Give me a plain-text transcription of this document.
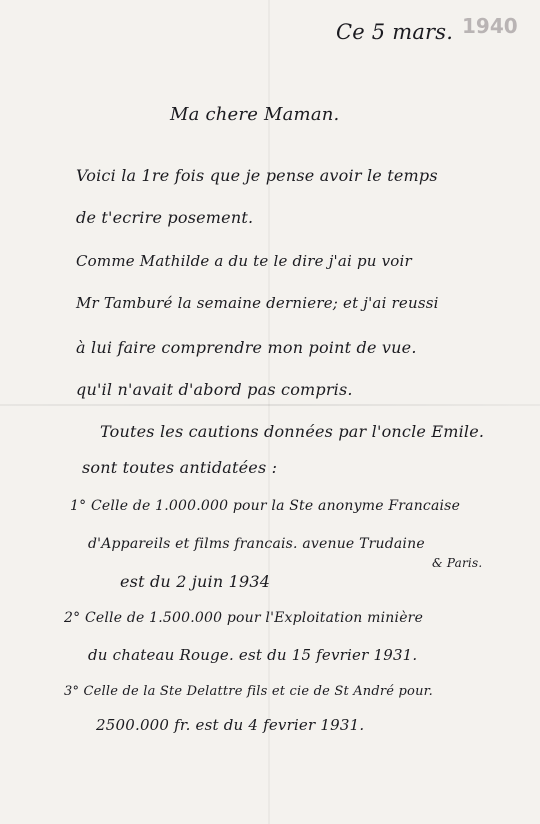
Ce 5 mars. 1940
Ma chere Maman.
Voici la 1re fois que je pense avoir le temps
de t'ecrire posement.
Comme Mathilde a du te le dire j'ai pu voir
Mr Tamburé la semaine derniere; et j'ai reussi
à lui faire comprendre mon point de vue.
qu'il n'avait d'abord pas compris.
Toutes les cautions données par l'oncle Emile.
sont toutes antidatées :
1° Celle de 1.000.000 pour la Ste anonyme Francaise
d'Appareils et films francais. avenue Trudaine
& Paris.
est du 2 juin 1934
2° Celle de 1.500.000 pour l'Exploitation minière
du chateau Rouge. est du 15 fevrier 1931.
3° Celle de la Ste Delattre fils et cie de St André pour.
2500.000 fr. est du 4 fevrier 1931.
